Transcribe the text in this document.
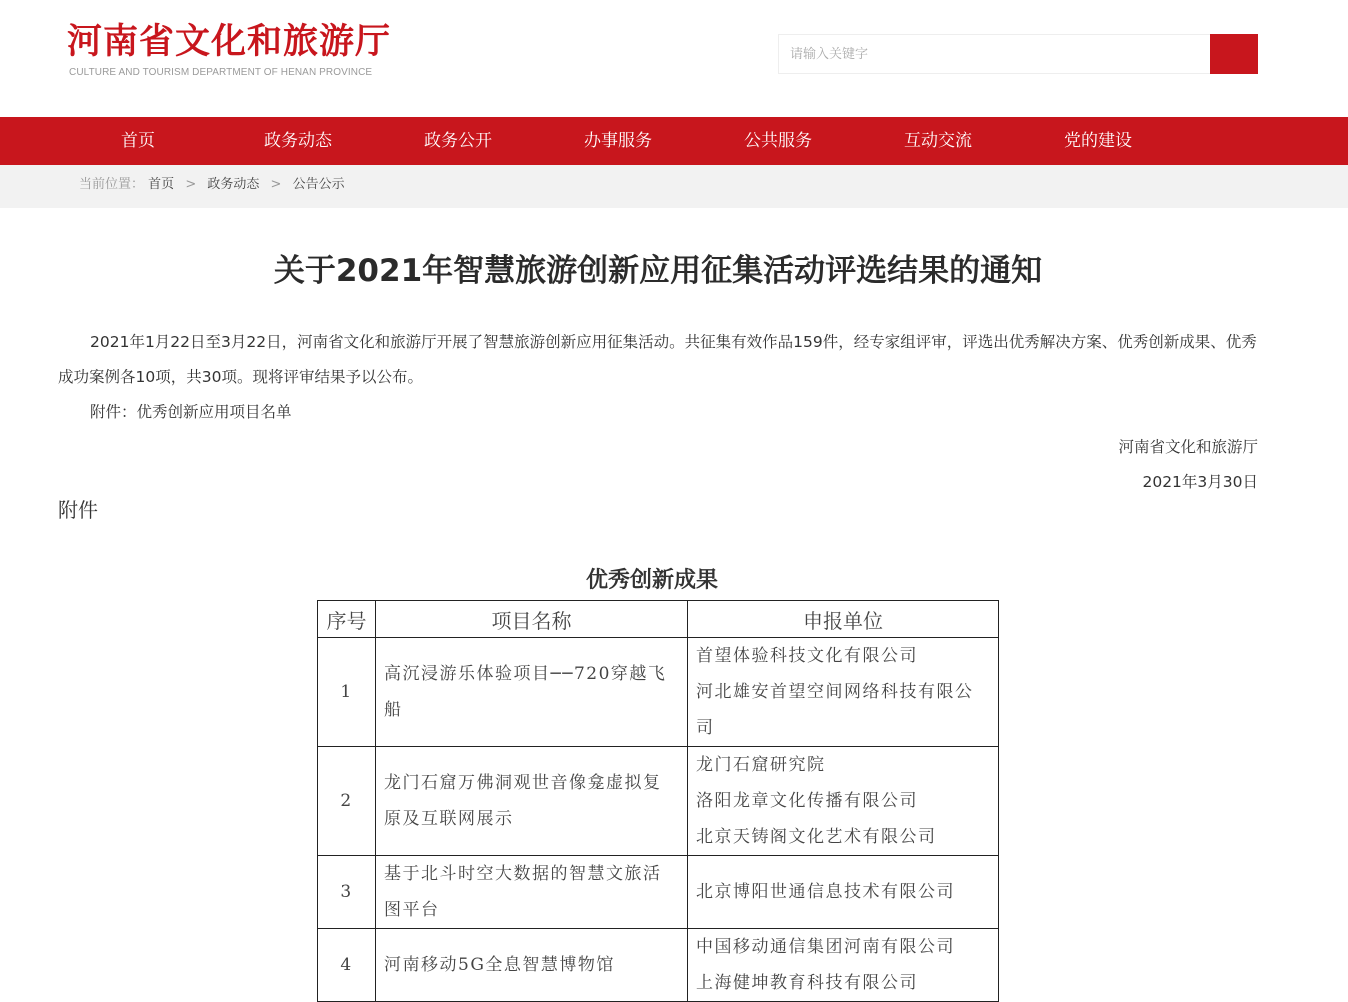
河南省文化和旅游厅
CULTURE AND TOURISM DEPARTMENT OF HENAN PROVINCE
请输入关键字
首页	政务动态	政务公开	办事服务	公共服务	互动交流	党的建设
当前位置： 首页 > 政务动态 > 公告公示
关于2021年智慧旅游创新应用征集活动评选结果的通知

2021年1月22日至3月22日，河南省文化和旅游厅开展了智慧旅游创新应用征集活动。共征集有效作品159件，经专家组评审，评选出优秀解决方案、优秀创新成果、优秀成功案例各10项，共30项。现将评审结果予以公布。

附件：优秀创新应用项目名单
河南省文化和旅游厅
2021年3月30日
附件
优秀创新成果
序号	项目名称	申报单位
1	高沉浸游乐体验项目──720穿越飞船	首望体验科技文化有限公司
河北雄安首望空间网络科技有限公司

2	龙门石窟万佛洞观世音像龛虚拟复原及互联网展示	龙门石窟研究院
洛阳龙章文化传播有限公司
北京天铸阁文化艺术有限公司

3	基于北斗时空大数据的智慧文旅活图平台	北京博阳世通信息技术有限公司

4	河南移动5G全息智慧博物馆	中国移动通信集团河南有限公司
上海健坤教育科技有限公司
